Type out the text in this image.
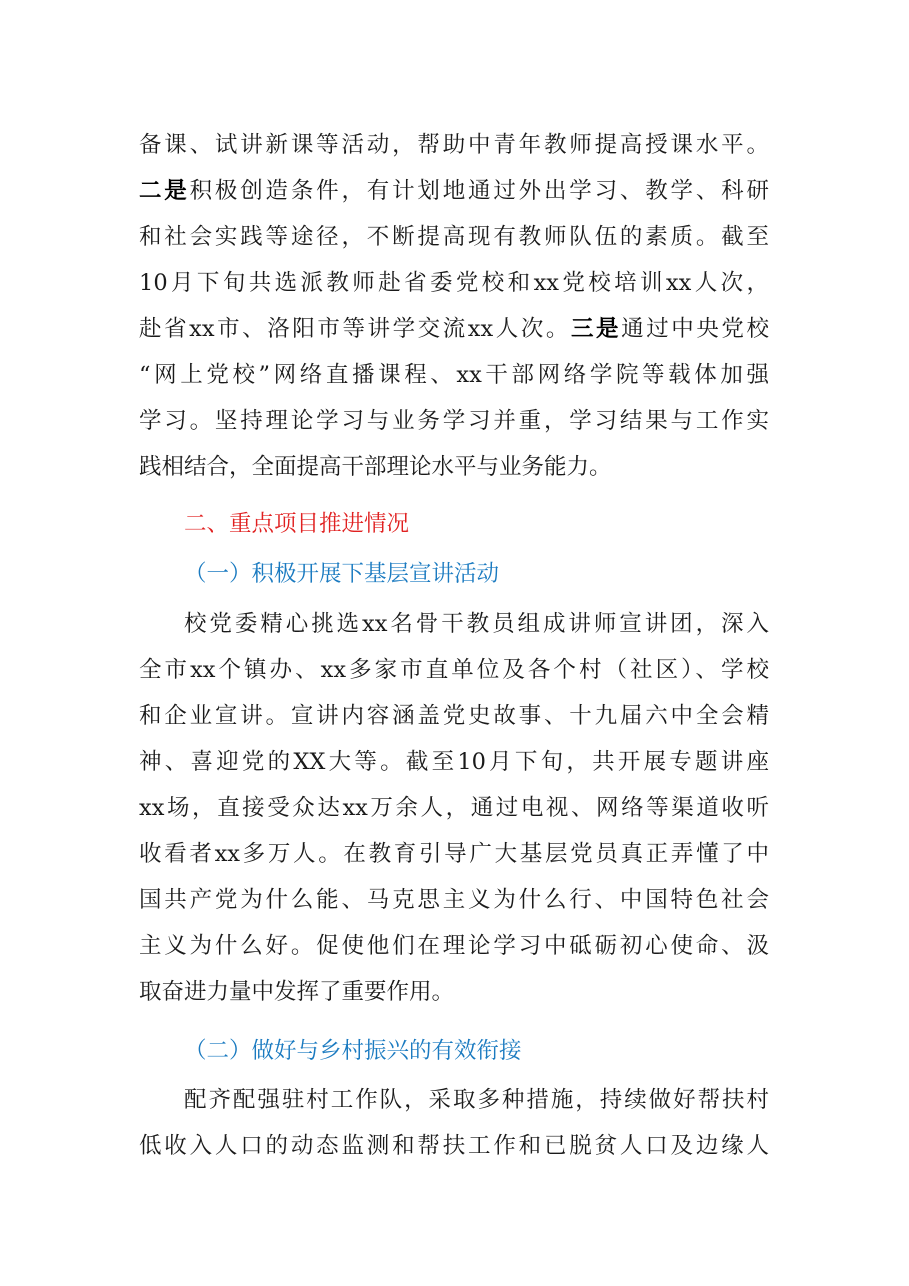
备课、试讲新课等活动，帮助中青年教师提高授课水平。
二是积极创造条件，有计划地通过外出学习、教学、科研
和社会实践等途径，不断提高现有教师队伍的素质。截至
10月下旬共选派教师赴省委党校和xx党校培训xx人次，
赴省xx市、洛阳市等讲学交流xx人次。三是通过中央党校
“网上党校”网络直播课程、xx干部网络学院等载体加强
学习。坚持理论学习与业务学习并重，学习结果与工作实
践相结合，全面提高干部理论水平与业务能力。
二、重点项目推进情况
（一）积极开展下基层宣讲活动
校党委精心挑选xx名骨干教员组成讲师宣讲团，深入
全市xx个镇办、xx多家市直单位及各个村（社区）、学校
和企业宣讲。宣讲内容涵盖党史故事、十九届六中全会精
神、喜迎党的XX大等。截至10月下旬，共开展专题讲座
xx场，直接受众达xx万余人，通过电视、网络等渠道收听
收看者xx多万人。在教育引导广大基层党员真正弄懂了中
国共产党为什么能、马克思主义为什么行、中国特色社会
主义为什么好。促使他们在理论学习中砥砺初心使命、汲
取奋进力量中发挥了重要作用。
（二）做好与乡村振兴的有效衔接
配齐配强驻村工作队，采取多种措施，持续做好帮扶村
低收入人口的动态监测和帮扶工作和已脱贫人口及边缘人
